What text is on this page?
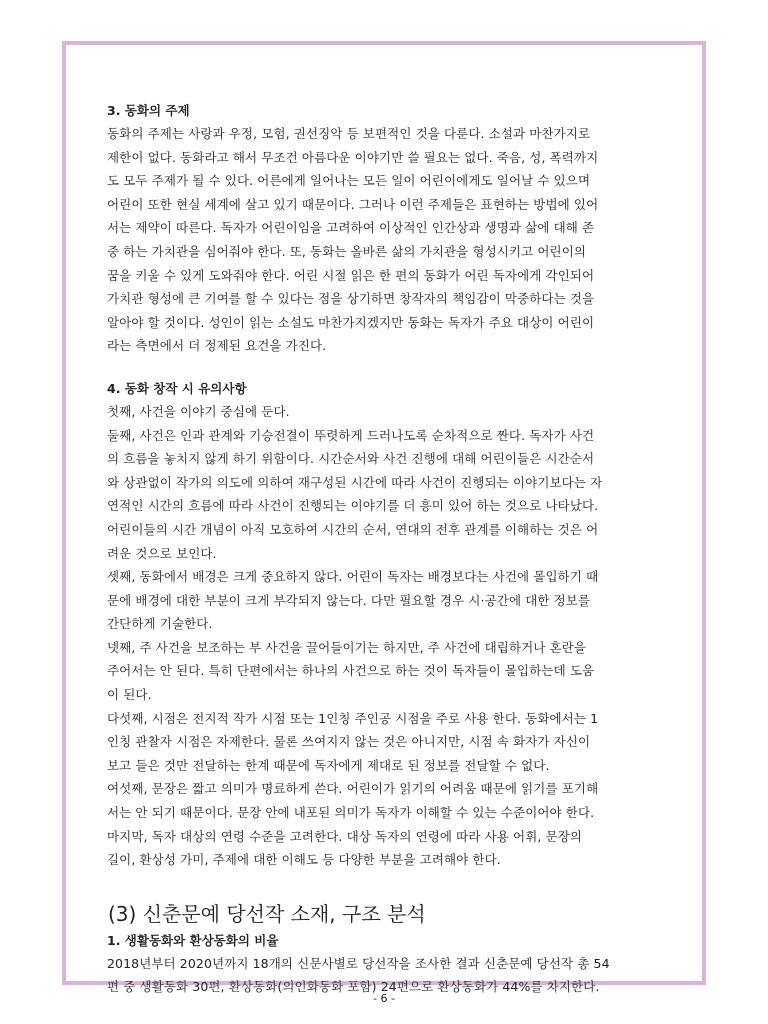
3. 동화의 주제
동화의 주제는 사랑과 우정, 모험, 권선징악 등 보편적인 것을 다룬다. 소설과 마찬가지로
제한이 없다. 동화라고 해서 무조건 아름다운 이야기만 쓸 필요는 없다. 죽음, 성, 폭력까지
도 모두 주제가 될 수 있다. 어른에게 일어나는 모든 일이 어린이에게도 일어날 수 있으며
어린이 또한 현실 세계에 살고 있기 때문이다. 그러나 이런 주제들은 표현하는 방법에 있어
서는 제약이 따른다. 독자가 어린이임을 고려하여 이상적인 인간상과 생명과 삶에 대해 존
중 하는 가치관을 심어줘야 한다. 또, 동화는 올바른 삶의 가치관을 형성시키고 어린이의
꿈을 키울 수 있게 도와줘야 한다. 어린 시절 읽은 한 편의 동화가 어린 독자에게 각인되어
가치관 형성에 큰 기여를 할 수 있다는 점을 상기하면 창작자의 책임감이 막중하다는 것을
알아야 할 것이다. 성인이 읽는 소설도 마찬가지겠지만 동화는 독자가 주요 대상이 어린이
라는 측면에서 더 정제된 요건을 가진다.
4. 동화 창작 시 유의사항
첫째, 사건을 이야기 중심에 둔다.
둘째, 사건은 인과 관계와 기승전결이 뚜렷하게 드러나도록 순차적으로 짠다. 독자가 사건
의 흐름을 놓치지 않게 하기 위함이다. 시간순서와 사건 진행에 대해 어린이들은 시간순서
와 상관없이 작가의 의도에 의하여 재구성된 시간에 따라 사건이 진행되는 이야기보다는 자
연적인 시간의 흐름에 따라 사건이 진행되는 이야기를 더 흥미 있어 하는 것으로 나타났다.
어린이들의 시간 개념이 아직 모호하여 시간의 순서, 연대의 전후 관계를 이해하는 것은 어
려운 것으로 보인다.
셋째, 동화에서 배경은 크게 중요하지 않다. 어린이 독자는 배경보다는 사건에 몰입하기 때
문에 배경에 대한 부분이 크게 부각되지 않는다. 다만 필요할 경우 시·공간에 대한 정보를
간단하게 기술한다.
넷째, 주 사건을 보조하는 부 사건을 끌어들이기는 하지만, 주 사건에 대립하거나 혼란을
주어서는 안 된다. 특히 단편에서는 하나의 사건으로 하는 것이 독자들이 몰입하는데 도움
이 된다.
다섯째, 시점은 전지적 작가 시점 또는 1인칭 주인공 시점을 주로 사용 한다. 동화에서는 1
인칭 관찰자 시점은 자제한다. 물론 쓰여지지 않는 것은 아니지만, 시점 속 화자가 자신이
보고 들은 것만 전달하는 한계 때문에 독자에게 제대로 된 정보를 전달할 수 없다.
여섯째, 문장은 짧고 의미가 명료하게 쓴다. 어린이가 읽기의 어려움 때문에 읽기를 포기해
서는 안 되기 때문이다. 문장 안에 내포된 의미가 독자가 이해할 수 있는 수준이어야 한다.
마지막, 독자 대상의 연령 수준을 고려한다. 대상 독자의 연령에 따라 사용 어휘, 문장의
길이, 환상성 가미, 주제에 대한 이해도 등 다양한 부분을 고려해야 한다.
(3) 신춘문예 당선작 소재, 구조 분석
1. 생활동화와 환상동화의 비율
2018년부터 2020년까지 18개의 신문사별로 당선작을 조사한 결과 신춘문예 당선작 총 54
편 중 생활동화 30편, 환상동화(의인화동화 포함) 24편으로 환상동화가 44%를 차지한다.
- 6 -
